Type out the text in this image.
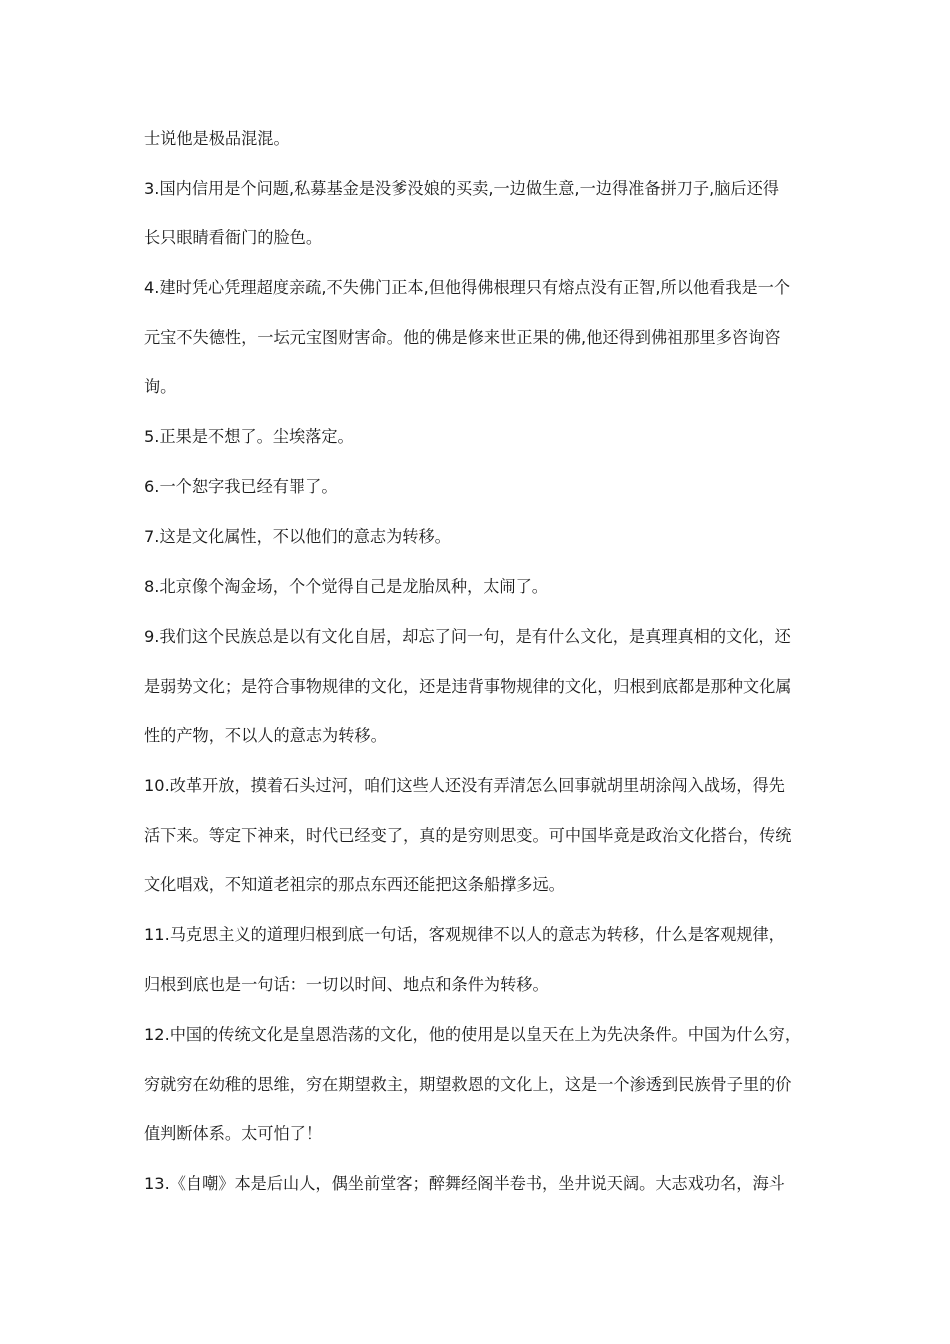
士说他是极品混混。
3.国内信用是个问题,私募基金是没爹没娘的买卖,一边做生意,一边得准备拼刀子,脑后还得
长只眼睛看衙门的脸色。
4.建时凭心凭理超度亲疏,不失佛门正本,但他得佛根理只有熔点没有正智,所以他看我是一个
元宝不失德性，一坛元宝图财害命。他的佛是修来世正果的佛,他还得到佛祖那里多咨询咨
询。
5.正果是不想了。尘埃落定。
6.一个恕字我已经有罪了。
7.这是文化属性，不以他们的意志为转移。
8.北京像个淘金场，个个觉得自己是龙胎凤种，太闹了。
9.我们这个民族总是以有文化自居，却忘了问一句，是有什么文化，是真理真相的文化，还
是弱势文化；是符合事物规律的文化，还是违背事物规律的文化，归根到底都是那种文化属
性的产物，不以人的意志为转移。
10.改革开放，摸着石头过河，咱们这些人还没有弄清怎么回事就胡里胡涂闯入战场，得先
活下来。等定下神来，时代已经变了，真的是穷则思变。可中国毕竟是政治文化搭台，传统
文化唱戏，不知道老祖宗的那点东西还能把这条船撑多远。
11.马克思主义的道理归根到底一句话，客观规律不以人的意志为转移，什么是客观规律，
归根到底也是一句话：一切以时间、地点和条件为转移。
12.中国的传统文化是皇恩浩荡的文化，他的使用是以皇天在上为先决条件。中国为什么穷，
穷就穷在幼稚的思维，穷在期望救主，期望救恩的文化上，这是一个渗透到民族骨子里的价
值判断体系。太可怕了！
13.《自嘲》本是后山人，偶坐前堂客；醉舞经阁半卷书，坐井说天阔。大志戏功名，海斗
